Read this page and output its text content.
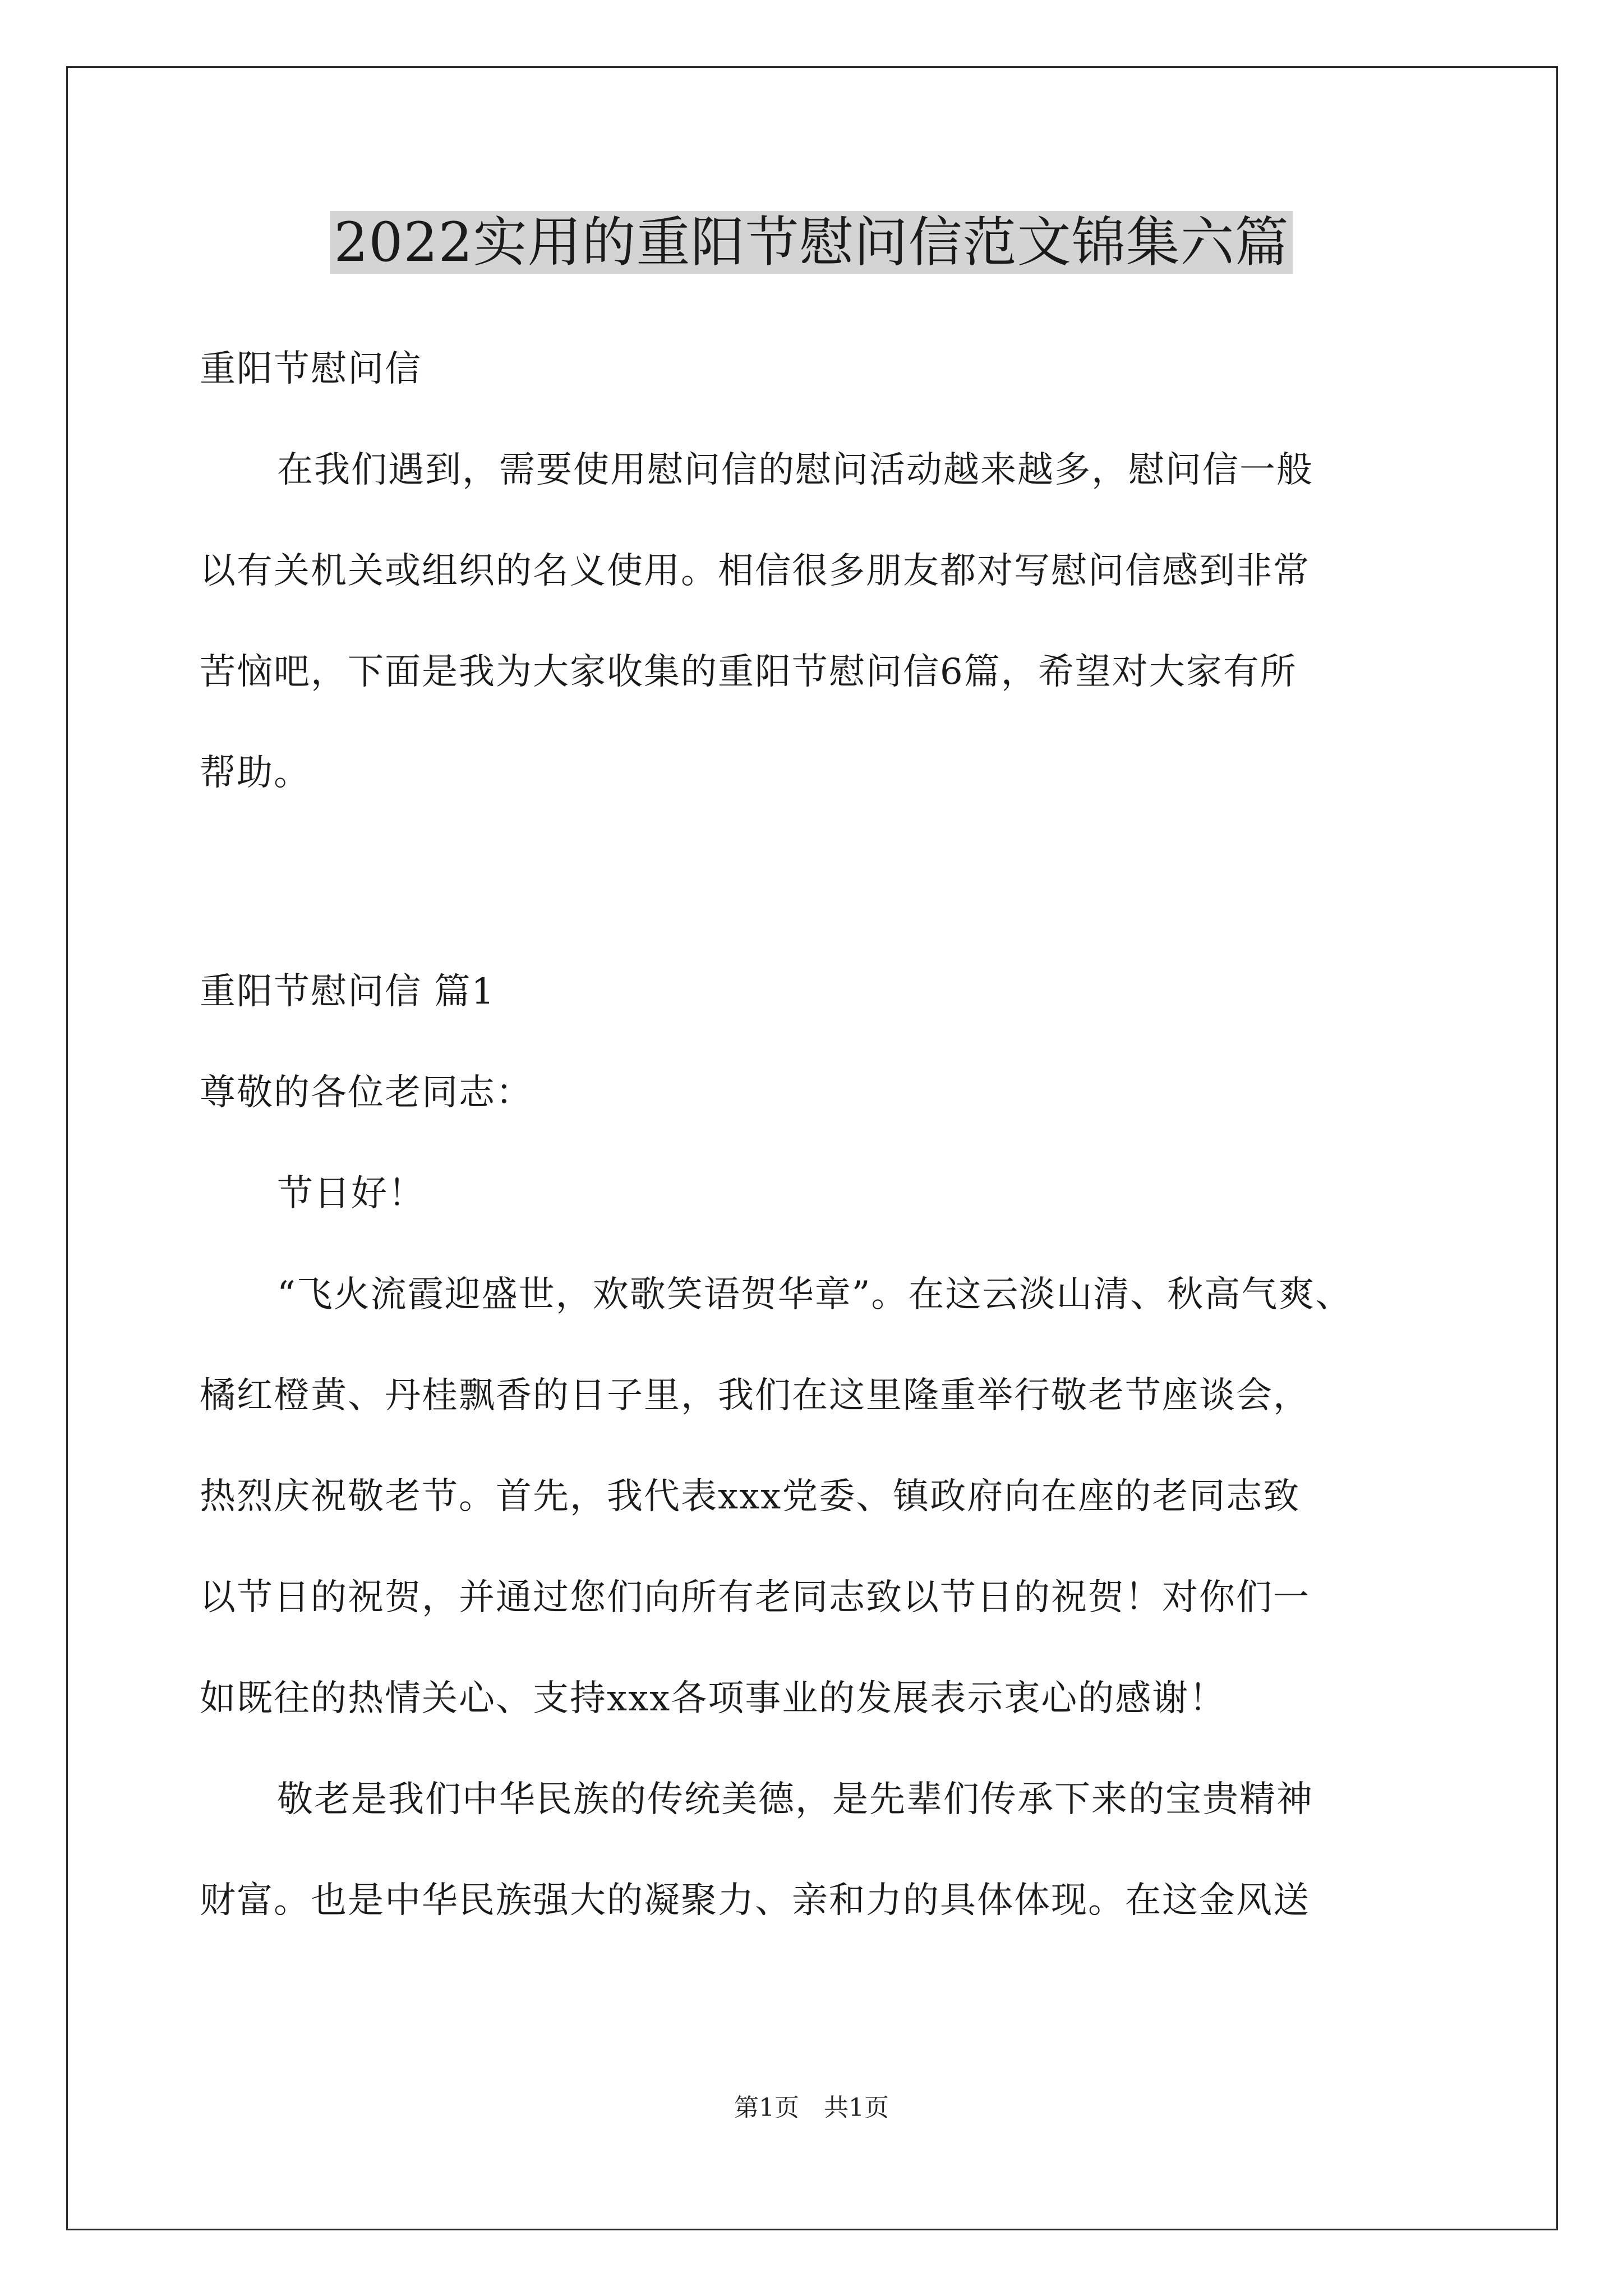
2022实用的重阳节慰问信范文锦集六篇
重阳节慰问信
在我们遇到，需要使用慰问信的慰问活动越来越多，慰问信一般
以有关机关或组织的名义使用。相信很多朋友都对写慰问信感到非常
苦恼吧，下面是我为大家收集的重阳节慰问信6篇，希望对大家有所
帮助。
重阳节慰问信 篇1
尊敬的各位老同志：
节日好！
“飞火流霞迎盛世，欢歌笑语贺华章”。在这云淡山清、秋高气爽、
橘红橙黄、丹桂飘香的日子里，我们在这里隆重举行敬老节座谈会，
热烈庆祝敬老节。首先，我代表xxx党委、镇政府向在座的老同志致
以节日的祝贺，并通过您们向所有老同志致以节日的祝贺！对你们一
如既往的热情关心、支持xxx各项事业的发展表示衷心的感谢！
敬老是我们中华民族的传统美德，是先辈们传承下来的宝贵精神
财富。也是中华民族强大的凝聚力、亲和力的具体体现。在这金风送
第1页　共1页
